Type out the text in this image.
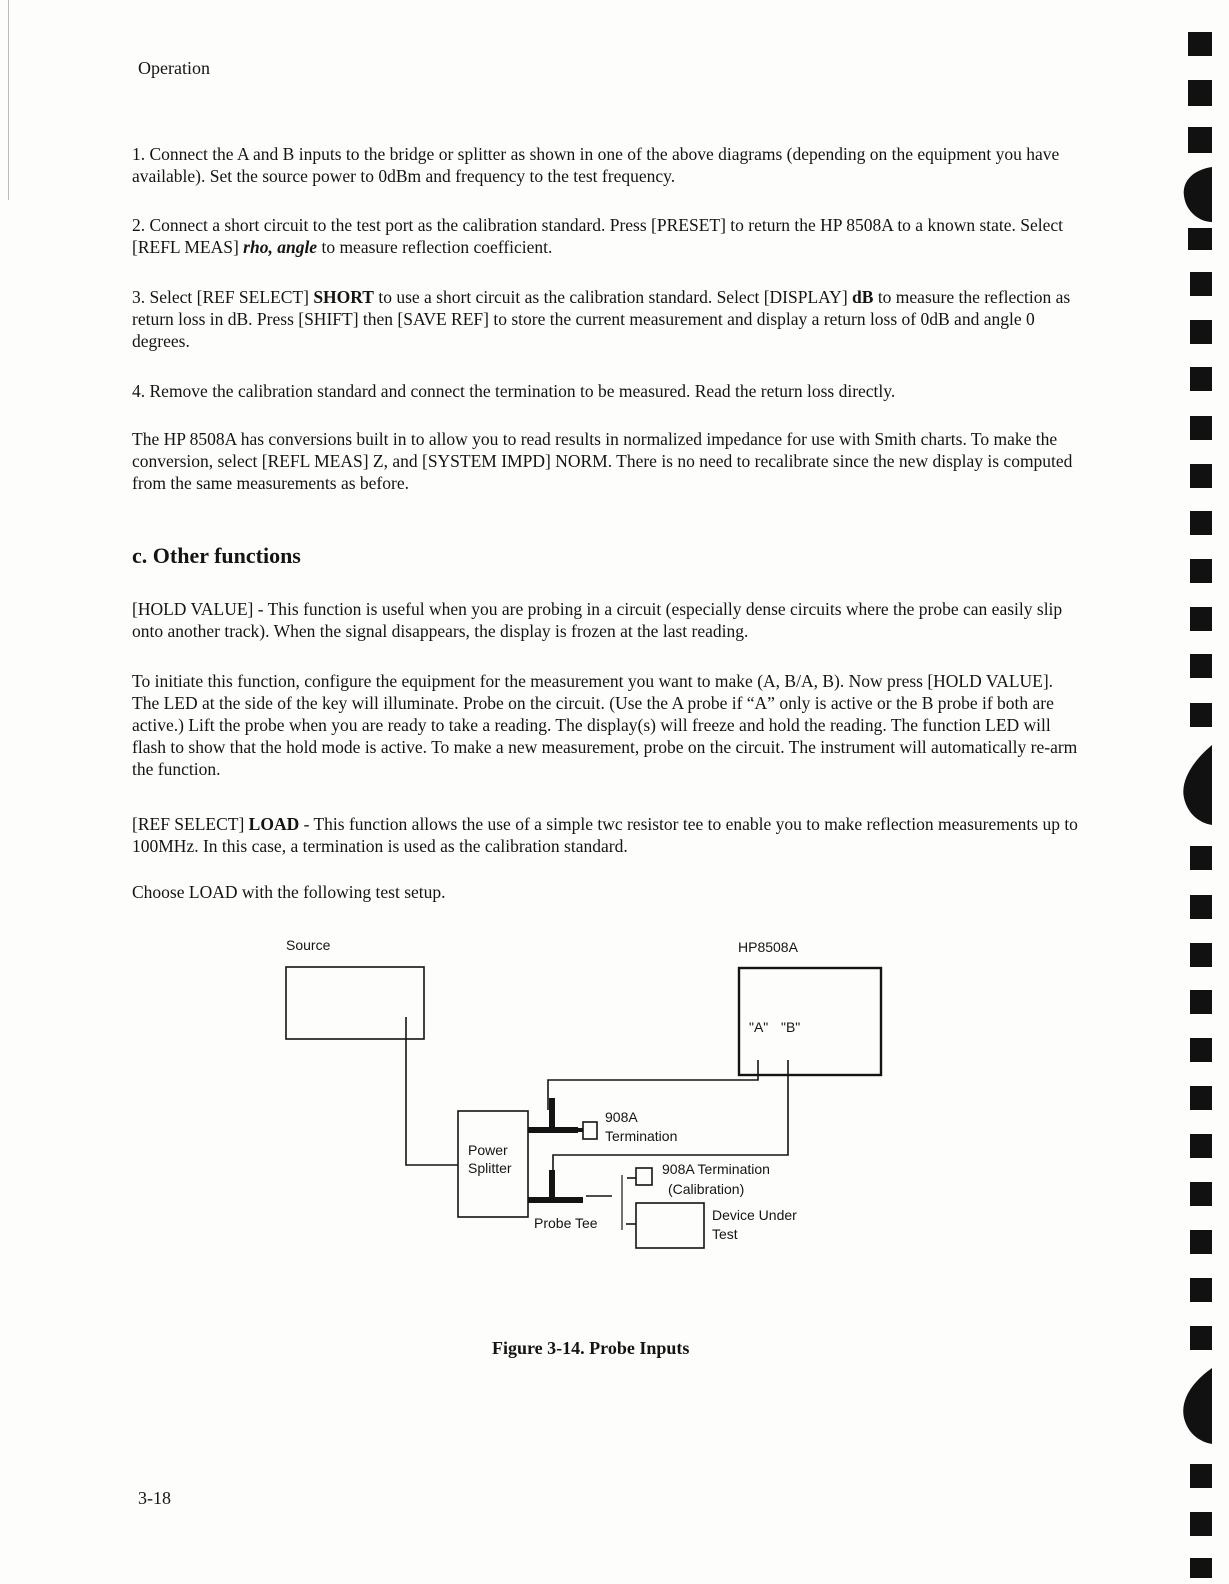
Operation

1. Connect the A and B inputs to the bridge or splitter as shown in one of the above diagrams (depending on the equipment you have available). Set the source power to 0dBm and frequency to the test frequency.

2. Connect a short circuit to the test port as the calibration standard. Press [PRESET] to return the HP 8508A to a known state. Select [REFL MEAS] rho, angle to measure reflection coefficient.

3. Select [REF SELECT] SHORT to use a short circuit as the calibration standard. Select [DISPLAY] dB to measure the reflection as return loss in dB. Press [SHIFT] then [SAVE REF] to store the current measurement and display a return loss of 0dB and angle 0 degrees.

4. Remove the calibration standard and connect the termination to be measured. Read the return loss directly.

The HP 8508A has conversions built in to allow you to read results in normalized impedance for use with Smith charts. To make the conversion, select [REFL MEAS] Z, and [SYSTEM IMPD] NORM. There is no need to recalibrate since the new display is computed from the same measurements as before.

c. Other functions

[HOLD VALUE] - This function is useful when you are probing in a circuit (especially dense circuits where the probe can easily slip onto another track). When the signal disappears, the display is frozen at the last reading.

To initiate this function, configure the equipment for the measurement you want to make (A, B/A, B). Now press [HOLD VALUE]. The LED at the side of the key will illuminate. Probe on the circuit. (Use the A probe if “A” only is active or the B probe if both are active.) Lift the probe when you are ready to take a reading. The display(s) will freeze and hold the reading. The function LED will flash to show that the hold mode is active. To make a new measurement, probe on the circuit. The instrument will automatically re-arm the function.

[REF SELECT] LOAD - This function allows the use of a simple twc resistor tee to enable you to make reflection measurements up to 100MHz. In this case, a termination is used as the calibration standard.

Choose LOAD with the following test setup.

Source	HP8508A
"A" "B"
Power
Splitter
908A
Termination
908A Termination
(Calibration)
Probe Tee	Device Under
Test
Figure 3-14. Probe Inputs
3-18
